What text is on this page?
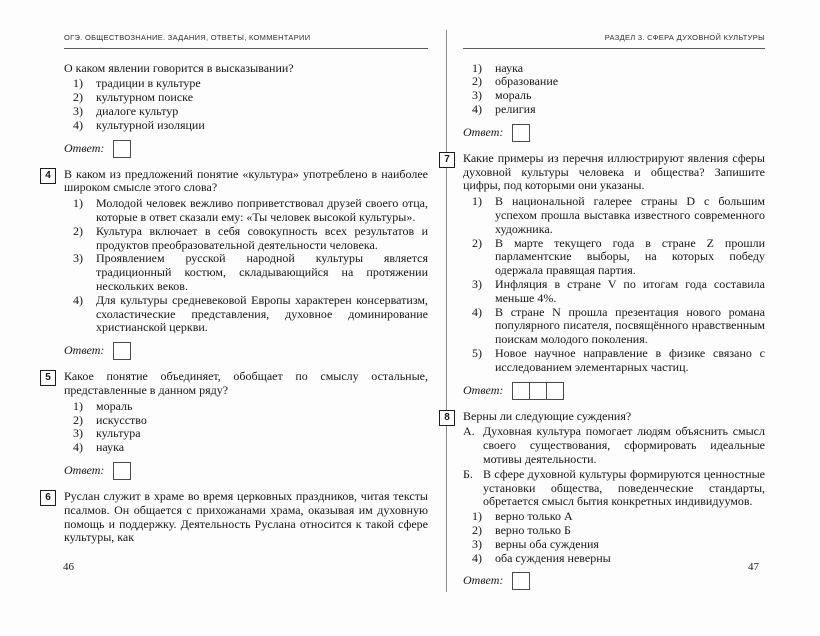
ОГЭ. ОБЩЕСТВОЗНАНИЕ. ЗАДАНИЯ, ОТВЕТЫ, КОММЕНТАРИИ
О каком явлении говорится в высказывании?
1)	традиции в культуре
2)	культурном поиске
3)	диалоге культур
4)	культурной изоляции
Ответ:
4	В каком из предложений понятие «культура» употреблено в наиболее широком смысле этого слова?
1)	Молодой человек вежливо поприветствовал друзей своего отца, которые в ответ сказали ему: «Ты человек высокой культуры».
2)	Культура включает в себя совокупность всех результатов и продуктов преобразовательной деятельности человека.
3)	Проявлением русской народной культуры является традиционный костюм, складывающийся на протяжении нескольких веков.
4)	Для культуры средневековой Европы характерен консерватизм, схоластические представления, духовное доминирование христианской церкви.
Ответ:
5	Какое понятие объединяет, обобщает по смыслу остальные, представленные в данном ряду?
1)	мораль
2)	искусство
3)	культура
4)	наука
Ответ:
6	Руслан служит в храме во время церковных праздников, читая тексты псалмов. Он общается с прихожанами храма, оказывая им духовную помощь и поддержку. Деятельность Руслана относится к такой сфере культуры, как
РАЗДЕЛ 3. СФЕРА ДУХОВНОЙ КУЛЬТУРЫ
1)	наука
2)	образование
3)	мораль
4)	религия
Ответ:
7	Какие примеры из перечня иллюстрируют явления сферы духовной культуры человека и общества? Запишите цифры, под которыми они указаны.
1)	В национальной галерее страны D с большим успехом прошла выставка известного современного художника.
2)	В марте текущего года в стране Z прошли парламентские выборы, на которых победу одержала правящая партия.
3)	Инфляция в стране V по итогам года составила меньше 4%.
4)	В стране N прошла презентация нового романа популярного писателя, посвящённого нравственным поискам молодого поколения.
5)	Новое научное направление в физике связано с исследованием элементарных частиц.
Ответ:
8	Верны ли следующие суждения?
А. Духовная культура помогает людям объяснить смысл своего существования, сформировать идеальные мотивы деятельности.
Б. В сфере духовной культуры формируются ценностные установки общества, поведенческие стандарты, обретается смысл бытия конкретных индивидуумов.
1)	верно только А
2)	верно только Б
3)	верны оба суждения
4)	оба суждения неверны
Ответ:
46	47
